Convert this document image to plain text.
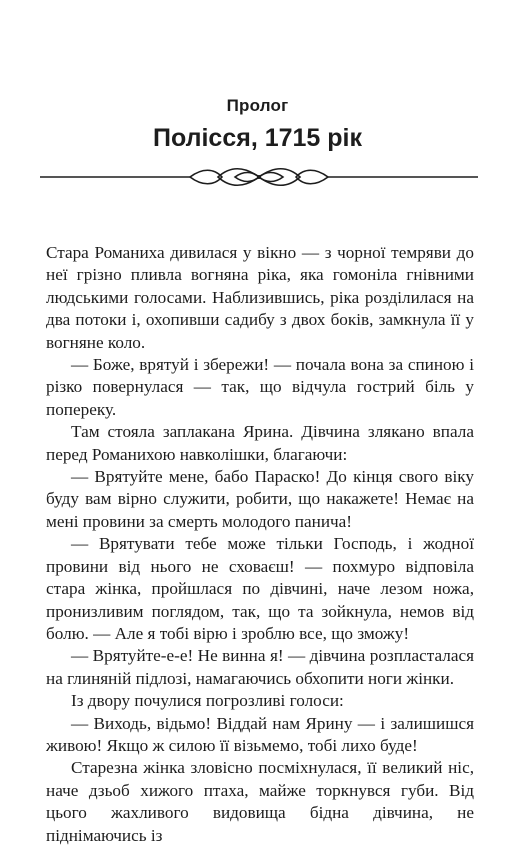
Пролог
Полісся, 1715 рік

Стара Романиха дивилася у вікно — з чорної темряви до неї грізно пливла вогняна ріка, яка гомоніла гнівними людськими голосами. Наблизившись, ріка розділилася на два потоки і, охопивши садибу з двох боків, замкнула її у вогняне коло.

— Боже, врятуй і збережи! — почала вона за спиною і різко повернулася — так, що відчула гострий біль у попереку.

Там стояла заплакана Ярина. Дівчина злякано впала перед Романихою навколішки, благаючи:

— Врятуйте мене, бабо Параско! До кінця свого віку буду вам вірно служити, робити, що накажете! Немає на мені провини за смерть молодого панича!

— Врятувати тебе може тільки Господь, і жодної провини від нього не сховаєш! — похмуро відповіла стара жінка, пройшлася по дівчині, наче лезом ножа, пронизливим поглядом, так, що та зойкнула, немов від болю. — Але я тобі вірю і зроблю все, що зможу!

— Врятуйте-е-е! Не винна я! — дівчина розпласталася на глиняній підлозі, намагаючись обхопити ноги жінки.

Із двору почулися погрозливі голоси:

— Виходь, відьмо! Віддай нам Ярину — і залишишся живою! Якщо ж силою її візьмемо, тобі лихо буде!

Старезна жінка зловісно посміхнулася, її великий ніс, наче дзьоб хижого птаха, майже торкнувся губи. Від цього жахливого видовища бідна дівчина, не піднімаючись із
